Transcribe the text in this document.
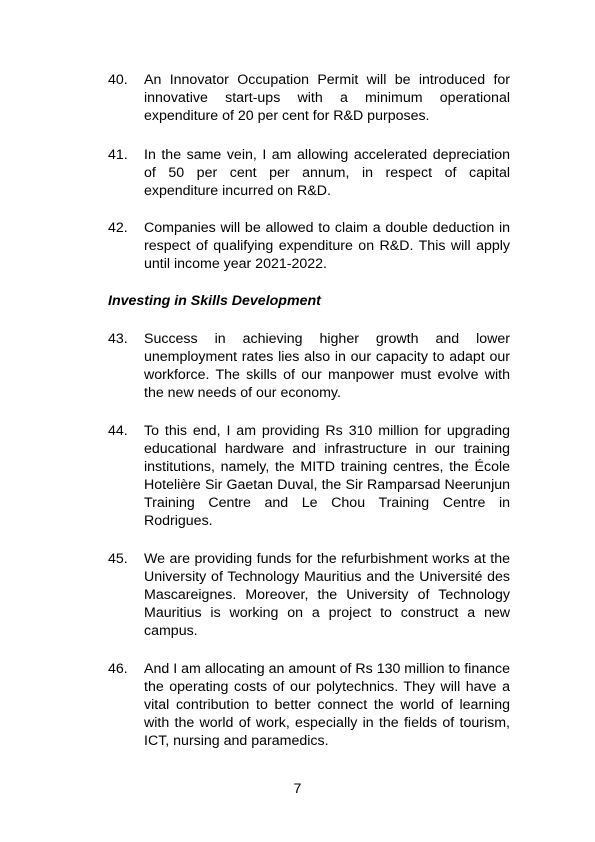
40.	An Innovator Occupation Permit will be introduced for innovative start-ups with a minimum operational expenditure of 20 per cent for R&D purposes.
41.	In the same vein, I am allowing accelerated depreciation of 50 per cent per annum, in respect of capital expenditure incurred on R&D.
42.	Companies will be allowed to claim a double deduction in respect of qualifying expenditure on R&D. This will apply until income year 2021-2022.
Investing in Skills Development
43.	Success in achieving higher growth and lower unemployment rates lies also in our capacity to adapt our workforce. The skills of our manpower must evolve with the new needs of our economy.
44.	To this end, I am providing Rs 310 million for upgrading educational hardware and infrastructure in our training institutions, namely, the MITD training centres, the École Hotelière Sir Gaetan Duval, the Sir Ramparsad Neerunjun Training Centre and Le Chou Training Centre in Rodrigues.
45.	We are providing funds for the refurbishment works at the University of Technology Mauritius and the Université des Mascareignes. Moreover, the University of Technology Mauritius is working on a project to construct a new campus.
46.	And I am allocating an amount of Rs 130 million to finance the operating costs of our polytechnics. They will have a vital contribution to better connect the world of learning with the world of work, especially in the fields of tourism, ICT, nursing and paramedics.
7
